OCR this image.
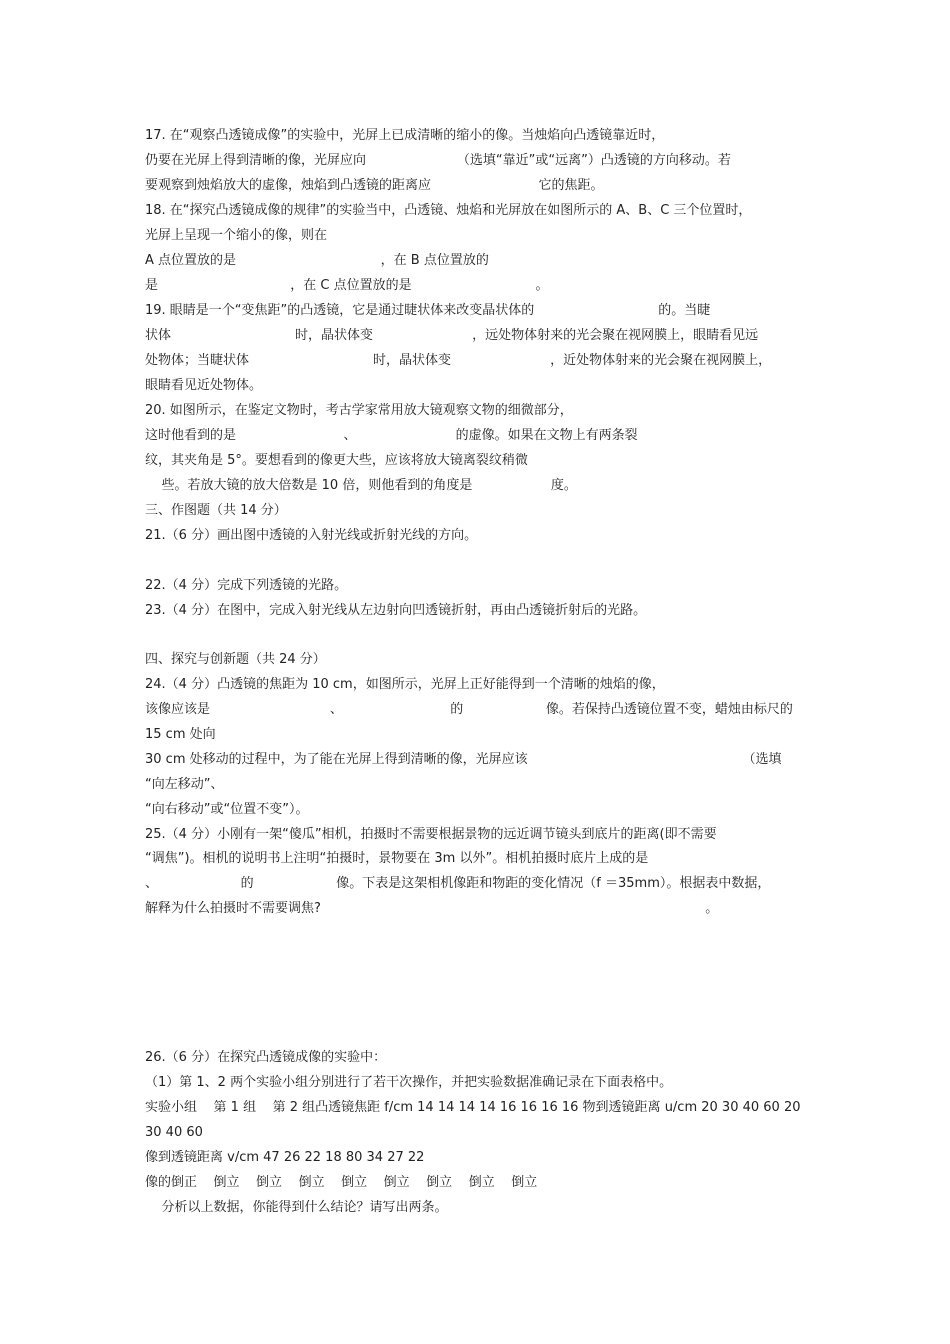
17. 在“观察凸透镜成像”的实验中，光屏上已成清晰的缩小的像。当烛焰向凸透镜靠近时，
仍要在光屏上得到清晰的像，光屏应向                      （选填“靠近”或“远离”）凸透镜的方向移动。若
要观察到烛焰放大的虚像，烛焰到凸透镜的距离应                          它的焦距。
18. 在“探究凸透镜成像的规律”的实验当中，凸透镜、烛焰和光屏放在如图所示的 A、B、C 三个位置时，
光屏上呈现一个缩小的像，则在
A 点位置放的是                                   ，在 B 点位置放的
是                                ，在 C 点位置放的是                              。
19. 眼睛是一个“变焦距”的凸透镜，它是通过睫状体来改变晶状体的                              的。当睫
状体                              时，晶状体变                        ，远处物体射来的光会聚在视网膜上，眼睛看见远
处物体；当睫状体                              时，晶状体变                        ，近处物体射来的光会聚在视网膜上，
眼睛看见近处物体。
20. 如图所示，在鉴定文物时，考古学家常用放大镜观察文物的细微部分，
这时他看到的是                          、                        的虚像。如果在文物上有两条裂
纹，其夹角是 5°。要想看到的像更大些，应该将放大镜离裂纹稍微
些。若放大镜的放大倍数是 10 倍，则他看到的角度是                   度。
三、作图题（共 14 分）
21.（6 分）画出图中透镜的入射光线或折射光线的方向。
22.（4 分）完成下列透镜的光路。
23.（4 分）在图中，完成入射光线从左边射向凹透镜折射，再由凸透镜折射后的光路。
四、探究与创新题（共 24 分）
24.（4 分）凸透镜的焦距为 10 cm，如图所示，光屏上正好能得到一个清晰的烛焰的像，
该像应该是                             、                          的                    像。若保持凸透镜位置不变，蜡烛由标尺的
15 cm 处向
30 cm 处移动的过程中，为了能在光屏上得到清晰的像，光屏应该                                                    （选填
“向左移动”、
“向右移动”或“位置不变”）。
25.（4 分）小刚有一架“傻瓜”相机，拍摄时不需要根据景物的远近调节镜头到底片的距离(即不需要
“调焦”)。相机的说明书上注明“拍摄时，景物要在 3m 以外”。相机拍摄时底片上成的是
、                    的                    像。下表是这架相机像距和物距的变化情况（f ＝35mm）。根据表中数据，
解释为什么拍摄时不需要调焦?                                                                                             。
26.（6 分）在探究凸透镜成像的实验中：
（1）第 1、2 两个实验小组分别进行了若干次操作，并把实验数据准确记录在下面表格中。
实验小组    第 1 组    第 2 组凸透镜焦距 f/cm 14 14 14 14 16 16 16 16 物到透镜距离 u/cm 20 30 40 60 20
30 40 60
像到透镜距离 v/cm 47 26 22 18 80 34 27 22
像的倒正    倒立    倒立    倒立    倒立    倒立    倒立    倒立    倒立
分析以上数据，你能得到什么结论？请写出两条。
